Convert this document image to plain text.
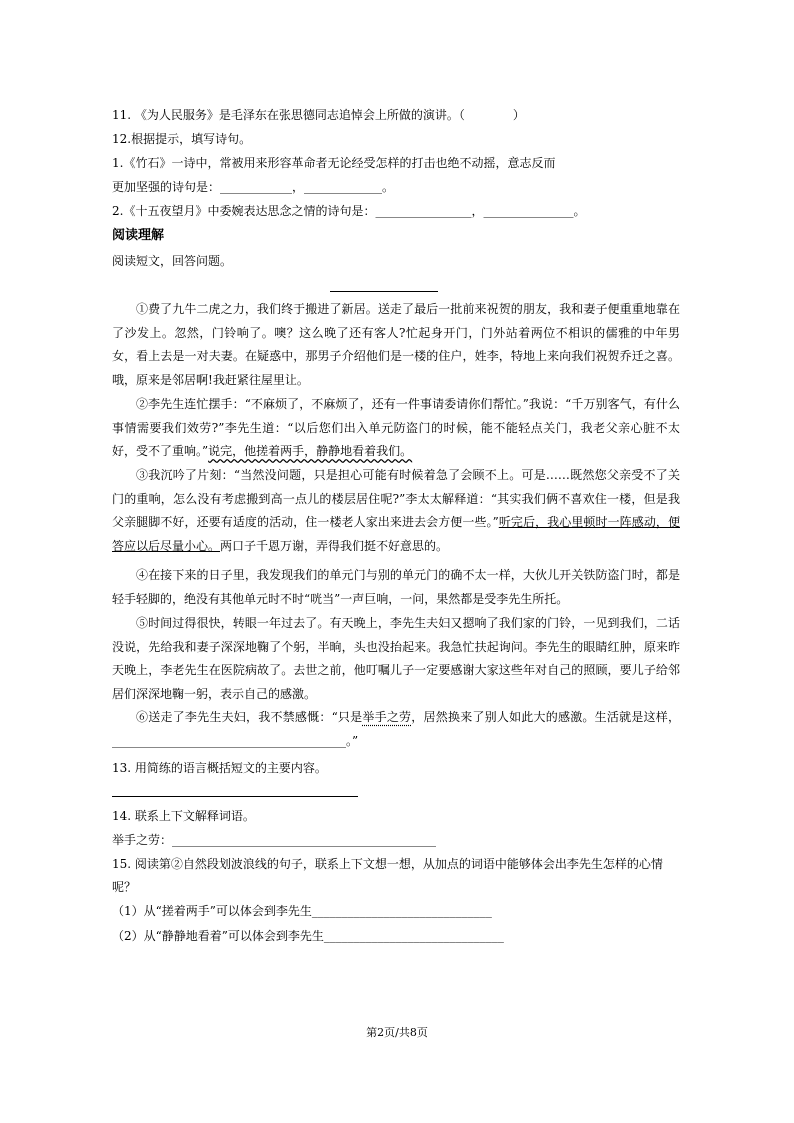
11. 《为人民服务》是毛泽东在张思德同志追悼会上所做的演讲。（　　　　）
12.根据提示，填写诗句。
1.《竹石》一诗中，常被用来形容革命者无论经受怎样的打击也绝不动摇，意志反而
更加坚强的诗句是：____________，_____________。
2.《十五夜望月》中委婉表达思念之情的诗句是：________________，_______________。
阅读理解
阅读短文，回答问题。
①费了九牛二虎之力，我们终于搬进了新居。送走了最后一批前来祝贺的朋友，我和妻子便重重地靠在了沙发上。忽然，门铃响了。噢？这么晚了还有客人?忙起身开门，门外站着两位不相识的儒雅的中年男女，看上去是一对夫妻。在疑惑中，那男子介绍他们是一楼的住户，姓李，特地上来向我们祝贺乔迁之喜。哦，原来是邻居啊!我赶紧往屋里让。
②李先生连忙摆手：“不麻烦了，不麻烦了，还有一件事请委请你们帮忙。”我说：“千万别客气，有什么事情需要我们效劳?”李先生道：“以后您们出入单元防盗门的时候，能不能轻点关门，我老父亲心脏不太好，受不了重响。”说完，他搓着两手，静静地看着我们。
③我沉吟了片刻：“当然没问题，只是担心可能有时候着急了会顾不上。可是……既然您父亲受不了关门的重响，怎么没有考虑搬到高一点儿的楼层居住呢?”李太太解释道：“其实我们俩不喜欢住一楼，但是我父亲腿脚不好，还要有适度的活动，住一楼老人家出来进去会方便一些。”听完后，我心里顿时一阵感动，便答应以后尽量小心。两口子千恩万谢，弄得我们挺不好意思的。
④在接下来的日子里，我发现我们的单元门与别的单元门的确不太一样，大伙儿开关铁防盗门时，都是轻手轻脚的，绝没有其他单元时不时“咣当”一声巨响，一问，果然都是受李先生所托。
⑤时间过得很快，转眼一年过去了。有天晚上，李先生夫妇又摁响了我们家的门铃，一见到我们，二话没说，先给我和妻子深深地鞠了个躬，半晌，头也没抬起来。我急忙扶起询问。李先生的眼睛红肿，原来昨天晚上，李老先生在医院病故了。去世之前，他叮嘱儿子一定要感谢大家这些年对自己的照顾，要儿子给邻居们深深地鞠一躬，表示自己的感激。
⑥送走了李先生夫妇，我不禁感慨：“只是举手之劳，居然换来了别人如此大的感激。生活就是这样，_______________________________________。”
13. 用简练的语言概括短文的主要内容。
14. 联系上下文解释词语。
举手之劳：____________________________________________
15. 阅读第②自然段划波浪线的句子，联系上下文想一想，从加点的词语中能够体会出李先生怎样的心情
呢？
（1）从“搓着两手”可以体会到李先生______________________________
（2）从“静静地看着”可以体会到李先生______________________________
第2页/共8页
